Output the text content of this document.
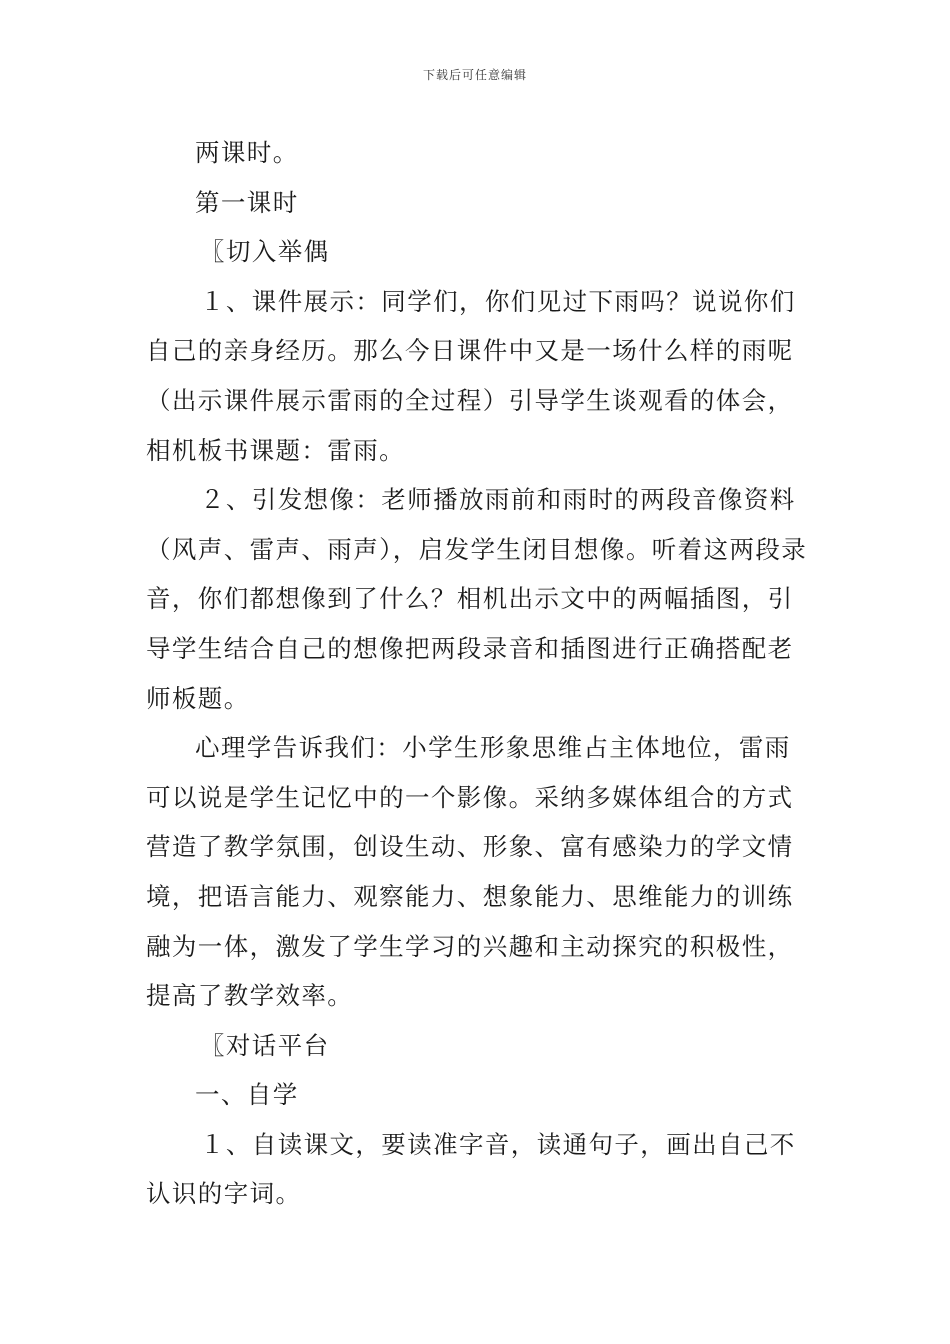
下载后可任意编辑

两课时。

第一课时

〖切入举偶

１、课件展示：同学们，你们见过下雨吗？说说你们自己的亲身经历。那么今日课件中又是一场什么样的雨呢（出示课件展示雷雨的全过程）引导学生谈观看的体会，相机板书课题：雷雨。

２、引发想像：老师播放雨前和雨时的两段音像资料（风声、雷声、雨声），启发学生闭目想像。听着这两段录音，你们都想像到了什么？相机出示文中的两幅插图，引导学生结合自己的想像把两段录音和插图进行正确搭配老师板题。

心理学告诉我们：小学生形象思维占主体地位，雷雨可以说是学生记忆中的一个影像。采纳多媒体组合的方式营造了教学氛围，创设生动、形象、富有感染力的学文情境，把语言能力、观察能力、想象能力、思维能力的训练融为一体，激发了学生学习的兴趣和主动探究的积极性，提高了教学效率。

〖对话平台

一、自学

１、自读课文，要读准字音，读通句子，画出自己不认识的字词。
